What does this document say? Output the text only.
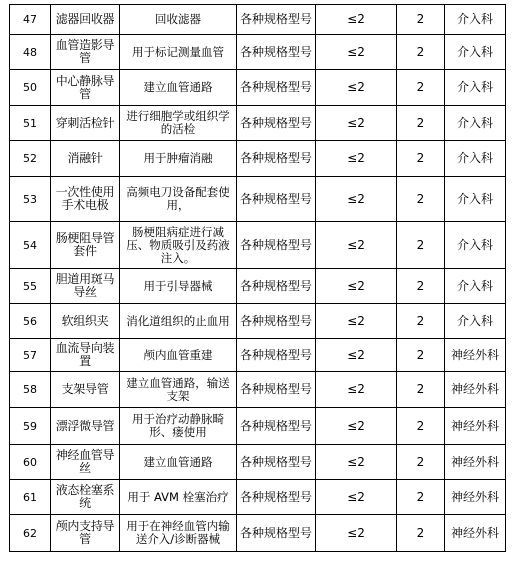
47	滤器回收器	回收滤器	各种规格型号	≤2	2	介入科
48	血管造影导管	用于标记测量血管	各种规格型号	≤2	2	介入科
50	中心静脉导管	建立血管通路	各种规格型号	≤2	2	介入科
51	穿刺活检针	进行细胞学或组织学的活检	各种规格型号	≤2	2	介入科
52	消融针	用于肿瘤消融	各种规格型号	≤2	2	介入科
53	一次性使用手术电极	高频电刀设备配套使用，	各种规格型号	≤2	2	介入科
54	肠梗阻导管套件	肠梗阻病症进行减压、物质吸引及药液注入。	各种规格型号	≤2	2	介入科
55	胆道用斑马导丝	用于引导器械	各种规格型号	≤2	2	介入科
56	软组织夹	消化道组织的止血用	各种规格型号	≤2	2	介入科
57	血流导向装置	颅内血管重建	各种规格型号	≤2	2	神经外科
58	支架导管	建立血管通路，输送支架	各种规格型号	≤2	2	神经外科
59	漂浮微导管	用于治疗动静脉畸形、瘘使用	各种规格型号	≤2	2	神经外科
60	神经血管导丝	建立血管通路	各种规格型号	≤2	2	神经外科
61	液态栓塞系统	用于 AVM 栓塞治疗	各种规格型号	≤2	2	神经外科
62	颅内支持导管	用于在神经血管内输送介入/诊断器械	各种规格型号	≤2	2	神经外科
